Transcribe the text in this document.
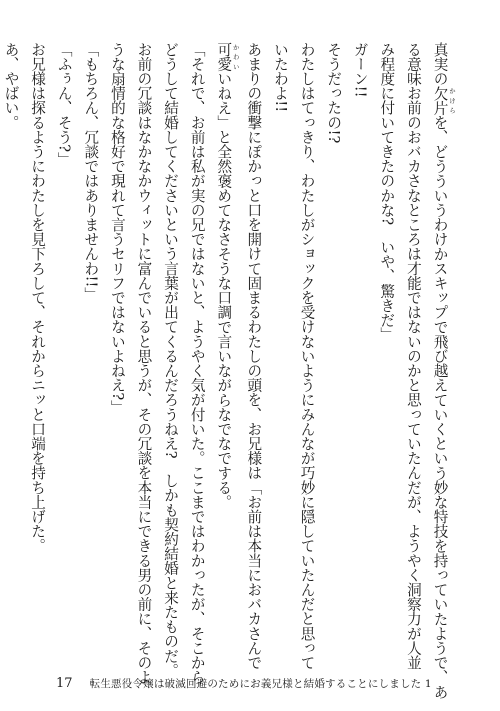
真実の欠片 かけらを、どうういうわけかスキップで飛び越えていくという妙な特技を持っていたようで、あ
る意味お前のおバカさなところは才能ではないのかと思っていたんだが、ようやく洞察力が人並
み程度に付いてきたのかな?　いや、驚きだ」
ガーン!!
そうだったの!?
わたしはてっきり、わたしがショックを受けないようにみんなが巧妙に隠していたんだと思って
いたわよ!!
あまりの衝撃にぽかっと口を開けて固まるわたしの頭を、お兄様は「お前は本当におバカさんで
可愛 かわいいねえ」と全然褒めてなさそうな口調で言いながらなでなでする。
「それで、お前は私が実の兄ではないと、ようやく気が付いた。ここまではわかったが、そこから
どうして結婚してくださいという言葉が出てくるんだろうねえ?　しかも契約結婚と来たものだ。
お前の冗談はなかなかウィットに富んでいると思うが、その冗談を本当にできる男の前に、そのよ
うな扇情的な格好で現れて言うセリフではないよねえ?」
「もちろん、冗談ではありませんわ!!」
「ふぅん、そう?」
お兄様は探るようにわたしを見下ろして、それからニッと口端を持ち上げた。
あ、やばい。
17 転生悪役令嬢は破滅回避のためにお義兄様と結婚することにしました 1
